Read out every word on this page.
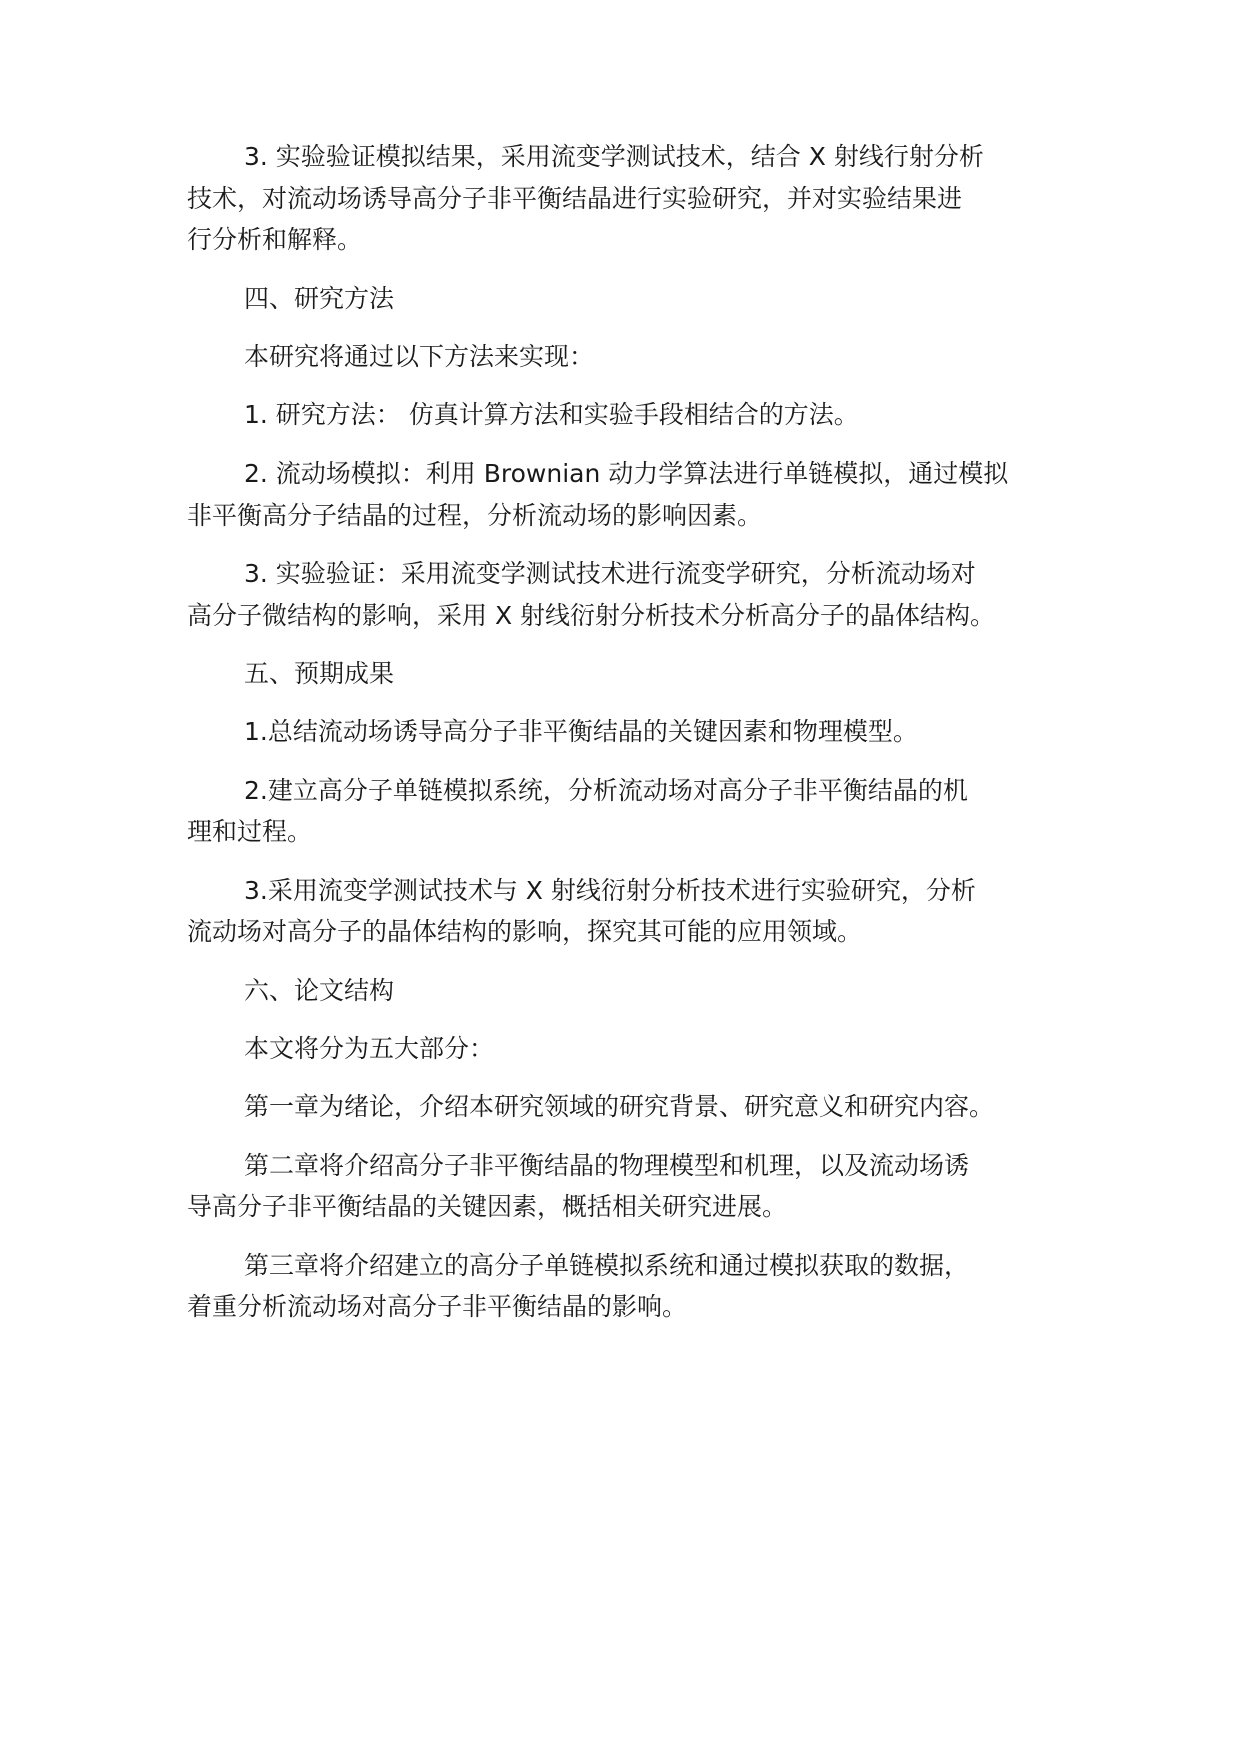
3. 实验验证模拟结果，采用流变学测试技术，结合 X 射线行射分析
技术，对流动场诱导高分子非平衡结晶进行实验研究，并对实验结果进
行分析和解释。
四、研究方法
本研究将通过以下方法来实现：
1. 研究方法： 仿真计算方法和实验手段相结合的方法。
2. 流动场模拟：利用 Brownian 动力学算法进行单链模拟，通过模拟
非平衡高分子结晶的过程，分析流动场的影响因素。
3. 实验验证：采用流变学测试技术进行流变学研究，分析流动场对
高分子微结构的影响，采用 X 射线衍射分析技术分析高分子的晶体结构。
五、预期成果
1.总结流动场诱导高分子非平衡结晶的关键因素和物理模型。
2.建立高分子单链模拟系统，分析流动场对高分子非平衡结晶的机
理和过程。
3.采用流变学测试技术与 X 射线衍射分析技术进行实验研究，分析
流动场对高分子的晶体结构的影响，探究其可能的应用领域。
六、论文结构
本文将分为五大部分：
第一章为绪论，介绍本研究领域的研究背景、研究意义和研究内容。
第二章将介绍高分子非平衡结晶的物理模型和机理，以及流动场诱
导高分子非平衡结晶的关键因素，概括相关研究进展。
第三章将介绍建立的高分子单链模拟系统和通过模拟获取的数据，
着重分析流动场对高分子非平衡结晶的影响。
